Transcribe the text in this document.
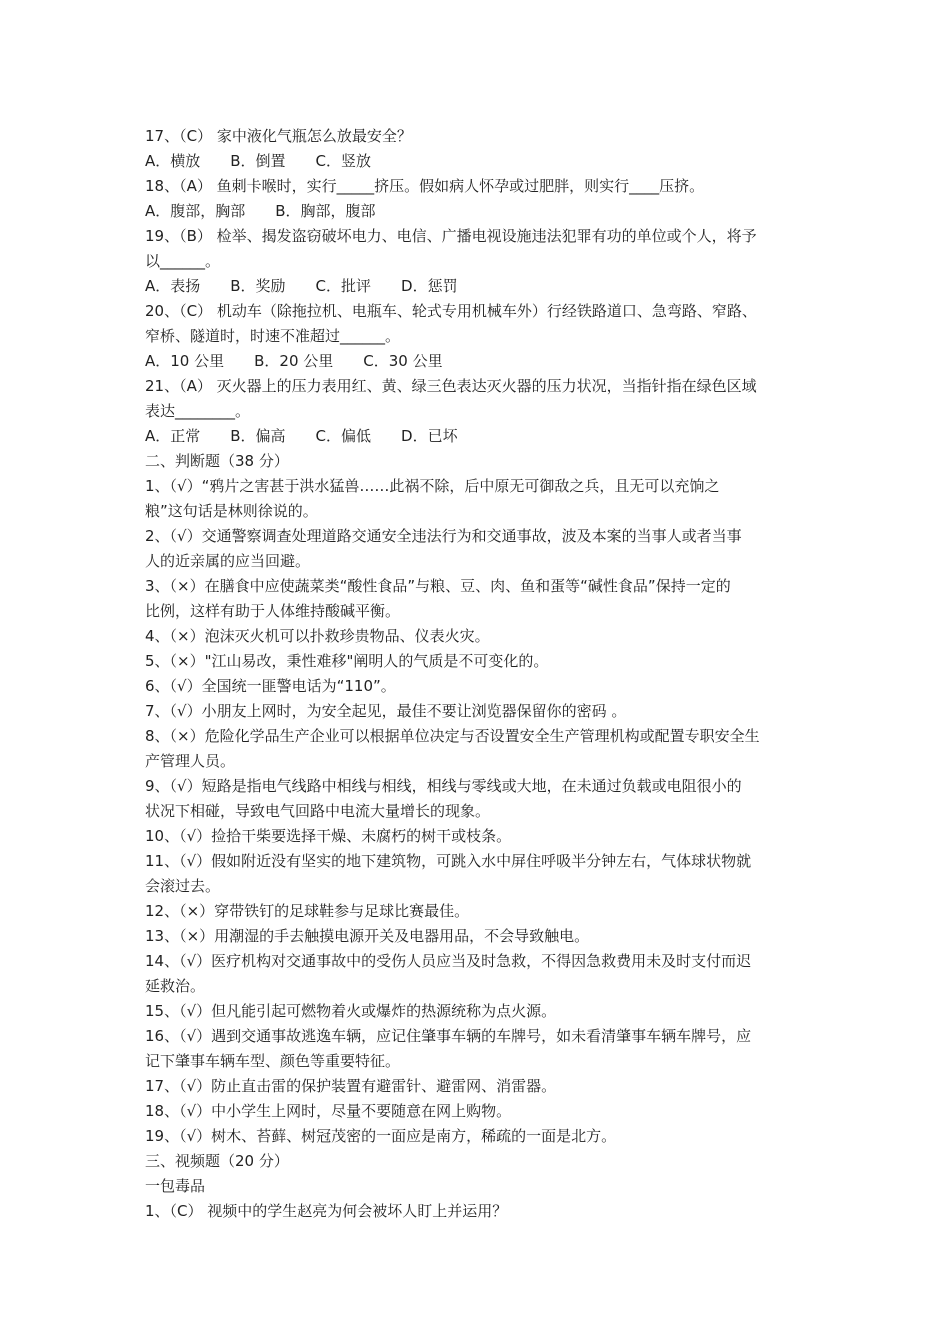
17、（C） 家中液化气瓶怎么放最安全？
A．横放　　B．倒置　　C．竖放
18、（A） 鱼刺卡喉时，实行_____挤压。假如病人怀孕或过肥胖，则实行____压挤。
A．腹部，胸部　　B．胸部，腹部
19、（B） 检举、揭发盗窃破坏电力、电信、广播电视设施违法犯罪有功的单位或个人，将予
以______。
A．表扬　　B．奖励　　C．批评　　D．惩罚
20、（C） 机动车（除拖拉机、电瓶车、轮式专用机械车外）行经铁路道口、急弯路、窄路、
窄桥、隧道时，时速不准超过______。
A．10 公里　　B．20 公里　　C．30 公里
21、（A） 灭火器上的压力表用红、黄、绿三色表达灭火器的压力状况，当指针指在绿色区域
表达________。
A．正常　　B．偏高　　C．偏低　　D．已坏
二、判断题（38 分）
1、（√）“鸦片之害甚于洪水猛兽……此祸不除，后中原无可御敌之兵，且无可以充饷之
粮”这句话是林则徐说的。
2、（√）交通警察调查处理道路交通安全违法行为和交通事故，波及本案的当事人或者当事
人的近亲属的应当回避。
3、（×）在膳食中应使蔬菜类“酸性食品”与粮、豆、肉、鱼和蛋等“碱性食品”保持一定的
比例，这样有助于人体维持酸碱平衡。
4、（×）泡沫灭火机可以扑救珍贵物品、仪表火灾。
5、（×）"江山易改，秉性难移"阐明人的气质是不可变化的。
6、（√）全国统一匪警电话为“110”。
7、（√）小朋友上网时，为安全起见，最佳不要让浏览器保留你的密码 。
8、（×）危险化学品生产企业可以根据单位决定与否设置安全生产管理机构或配置专职安全生
产管理人员。
9、（√）短路是指电气线路中相线与相线，相线与零线或大地，在未通过负载或电阻很小的
状况下相碰，导致电气回路中电流大量增长的现象。
10、（√）捡拾干柴要选择干燥、未腐朽的树干或枝条。
11、（√）假如附近没有坚实的地下建筑物，可跳入水中屏住呼吸半分钟左右，气体球状物就
会滚过去。
12、（×）穿带铁钉的足球鞋参与足球比赛最佳。
13、（×）用潮湿的手去触摸电源开关及电器用品，不会导致触电。
14、（√）医疗机构对交通事故中的受伤人员应当及时急救，不得因急救费用未及时支付而迟
延救治。
15、（√）但凡能引起可燃物着火或爆炸的热源统称为点火源。
16、（√）遇到交通事故逃逸车辆，应记住肇事车辆的车牌号，如未看清肇事车辆车牌号，应
记下肇事车辆车型、颜色等重要特征。
17、（√）防止直击雷的保护装置有避雷针、避雷网、消雷器。
18、（√）中小学生上网时，尽量不要随意在网上购物。
19、（√）树木、苔藓、树冠茂密的一面应是南方，稀疏的一面是北方。
三、视频题（20 分）
一包毒品
1、（C） 视频中的学生赵亮为何会被坏人盯上并运用？
